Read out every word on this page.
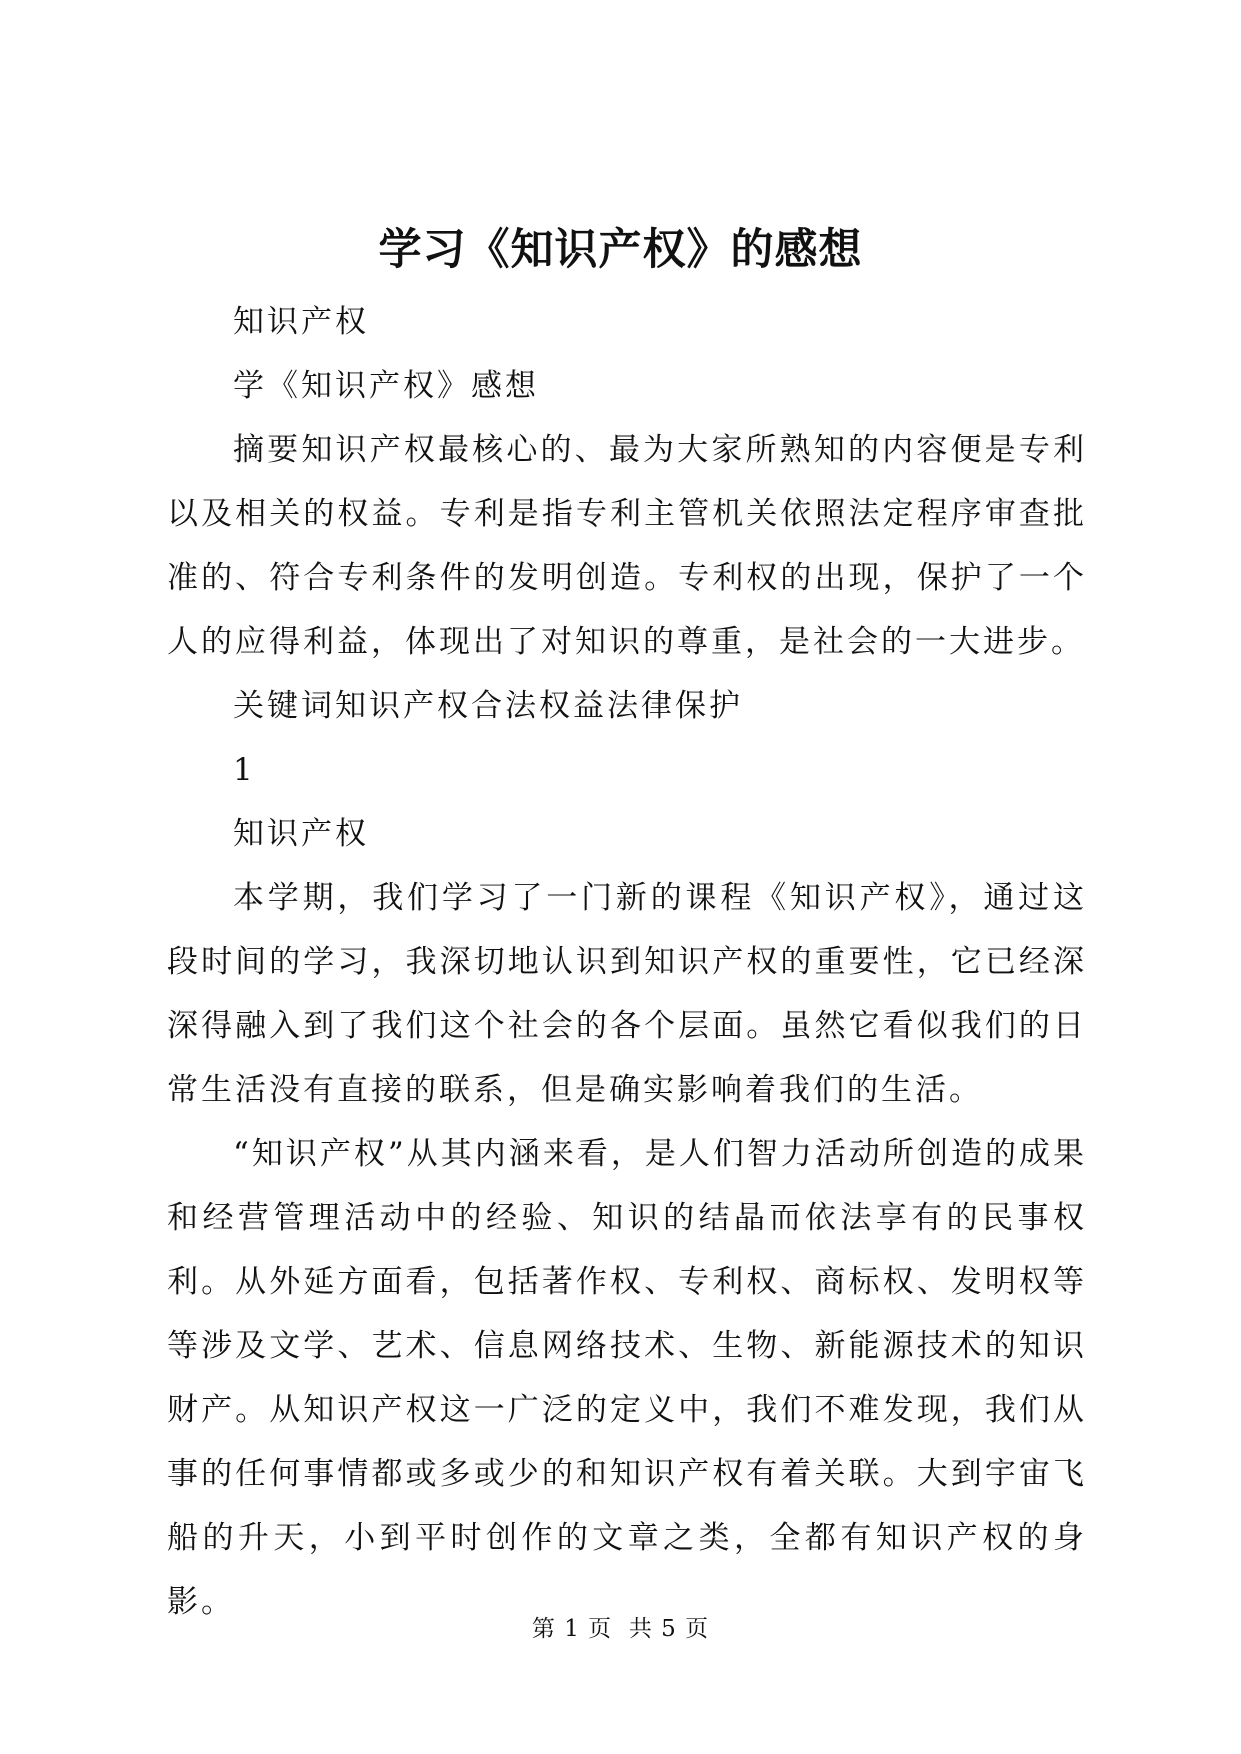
学习《知识产权》的感想

知识产权

学《知识产权》感想

摘要知识产权最核心的、最为大家所熟知的内容便是专利以及相关的权益。专利是指专利主管机关依照法定程序审查批准的、符合专利条件的发明创造。专利权的出现，保护了一个人的应得利益，体现出了对知识的尊重，是社会的一大进步。

关键词知识产权合法权益法律保护

1

知识产权

本学期，我们学习了一门新的课程《知识产权》，通过这段时间的学习，我深切地认识到知识产权的重要性，它已经深深得融入到了我们这个社会的各个层面。虽然它看似我们的日常生活没有直接的联系，但是确实影响着我们的生活。

“知识产权”从其内涵来看，是人们智力活动所创造的成果和经营管理活动中的经验、知识的结晶而依法享有的民事权利。从外延方面看，包括著作权、专利权、商标权、发明权等等涉及文学、艺术、信息网络技术、生物、新能源技术的知识财产。从知识产权这一广泛的定义中，我们不难发现，我们从事的任何事情都或多或少的和知识产权有着关联。大到宇宙飞船的升天，小到平时创作的文章之类，全都有知识产权的身影。

第 1 页 共 5 页
